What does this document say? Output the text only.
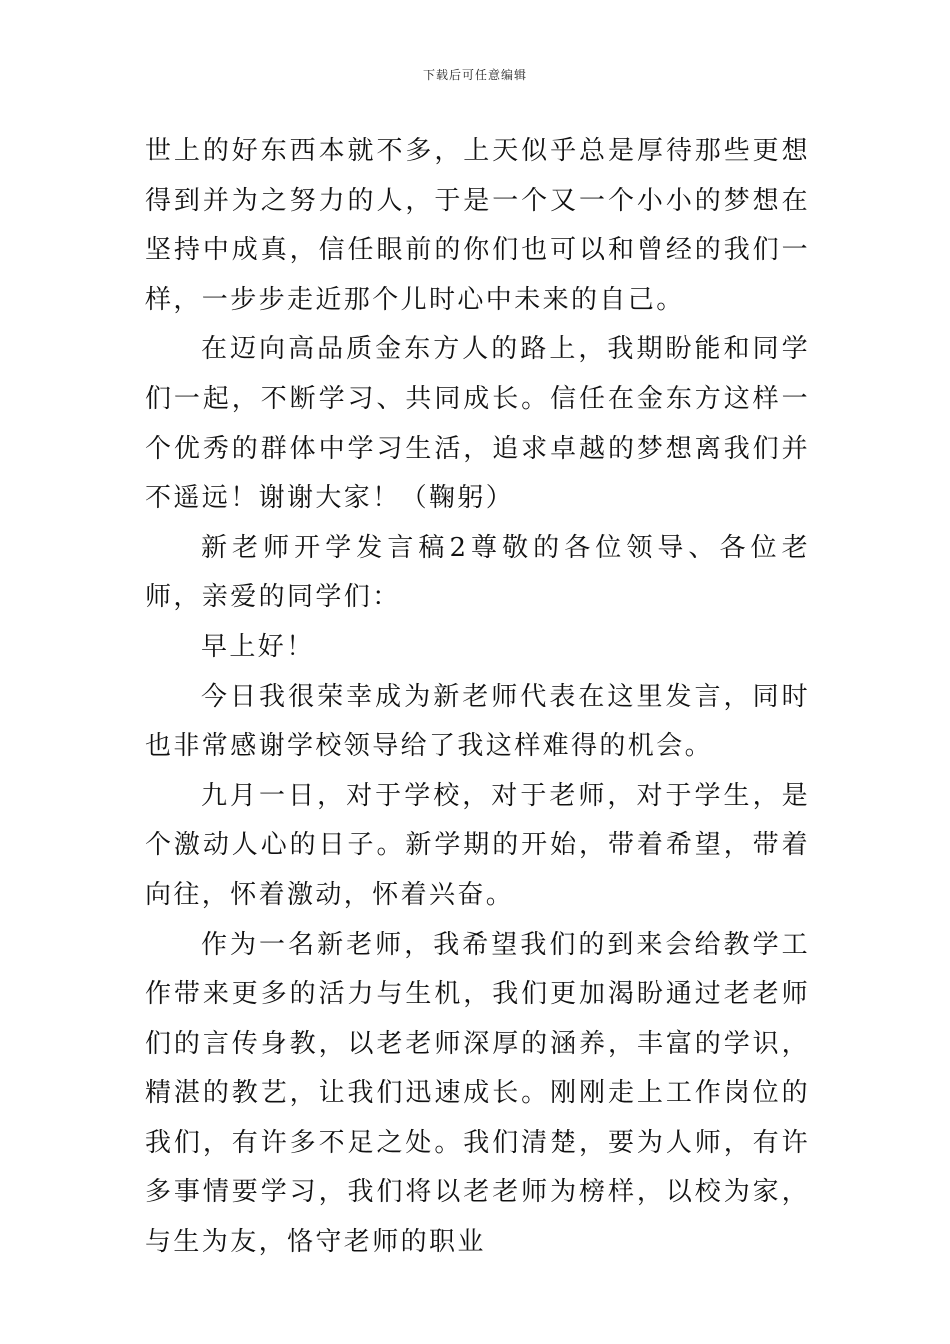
下载后可任意编辑

世上的好东西本就不多，上天似乎总是厚待那些更想得到并为之努力的人，于是一个又一个小小的梦想在坚持中成真，信任眼前的你们也可以和曾经的我们一样，一步步走近那个儿时心中未来的自己。

在迈向高品质金东方人的路上，我期盼能和同学们一起，不断学习、共同成长。信任在金东方这样一个优秀的群体中学习生活，追求卓越的梦想离我们并不遥远！谢谢大家！（鞠躬）

新老师开学发言稿2尊敬的各位领导、各位老师，亲爱的同学们：

早上好！

今日我很荣幸成为新老师代表在这里发言，同时也非常感谢学校领导给了我这样难得的机会。

九月一日，对于学校，对于老师，对于学生，是个激动人心的日子。新学期的开始，带着希望，带着向往，怀着激动，怀着兴奋。

作为一名新老师，我希望我们的到来会给教学工作带来更多的活力与生机，我们更加渴盼通过老老师们的言传身教，以老老师深厚的涵养，丰富的学识，精湛的教艺，让我们迅速成长。刚刚走上工作岗位的我们，有许多不足之处。我们清楚，要为人师，有许多事情要学习，我们将以老老师为榜样，以校为家，与生为友，恪守老师的职业
